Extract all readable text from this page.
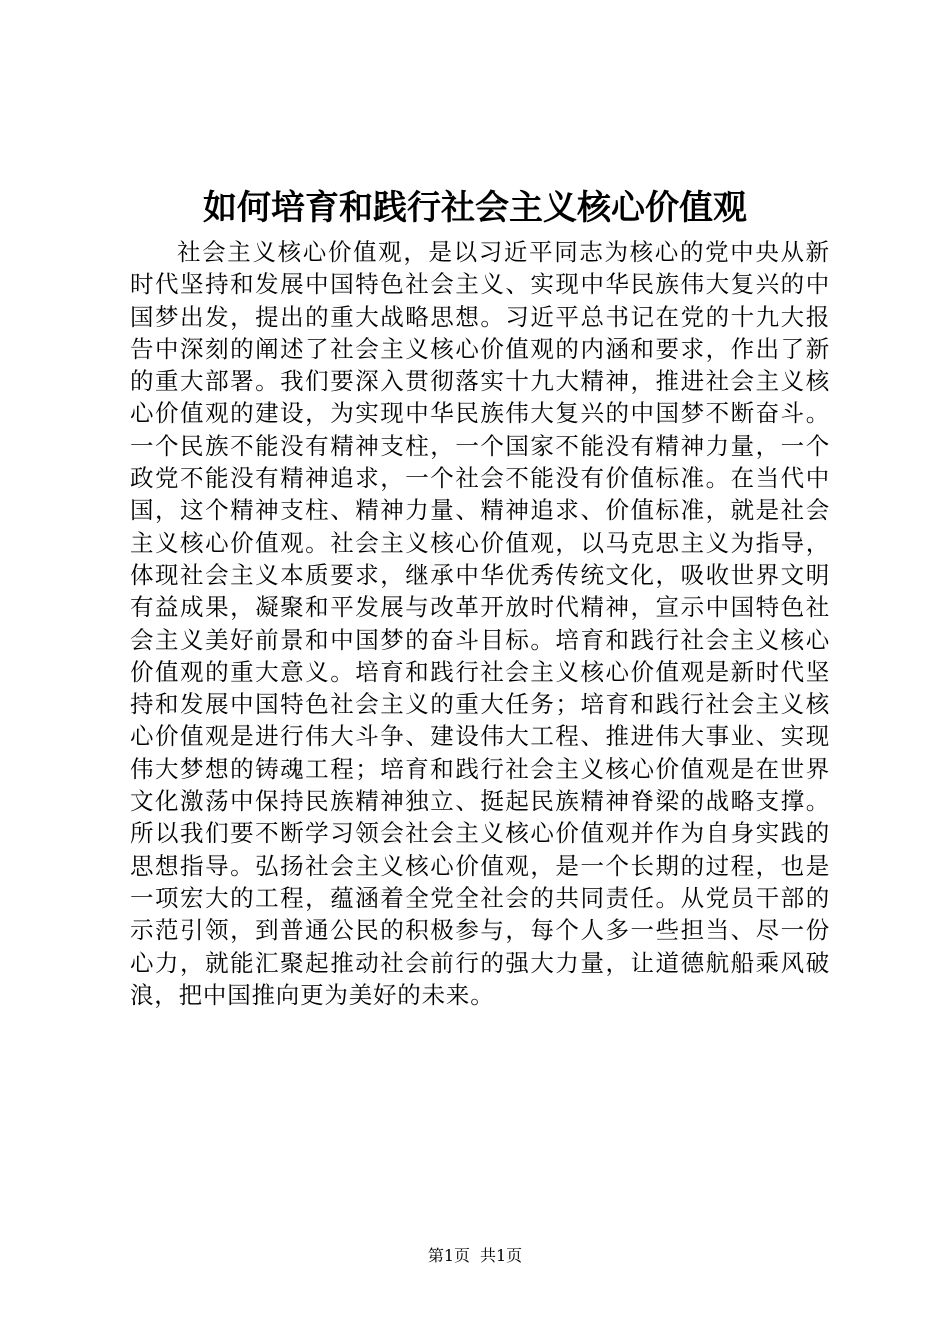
如何培育和践行社会主义核心价值观

社会主义核心价值观，是以习近平同志为核心的党中央从新时代坚持和发展中国特色社会主义、实现中华民族伟大复兴的中国梦出发，提出的重大战略思想。习近平总书记在党的十九大报告中深刻的阐述了社会主义核心价值观的内涵和要求，作出了新的重大部署。我们要深入贯彻落实十九大精神，推进社会主义核心价值观的建设，为实现中华民族伟大复兴的中国梦不断奋斗。一个民族不能没有精神支柱，一个国家不能没有精神力量，一个政党不能没有精神追求，一个社会不能没有价值标准。在当代中国，这个精神支柱、精神力量、精神追求、价值标准，就是社会主义核心价值观。社会主义核心价值观，以马克思主义为指导，体现社会主义本质要求，继承中华优秀传统文化，吸收世界文明有益成果，凝聚和平发展与改革开放时代精神，宣示中国特色社会主义美好前景和中国梦的奋斗目标。培育和践行社会主义核心价值观的重大意义。培育和践行社会主义核心价值观是新时代坚持和发展中国特色社会主义的重大任务；培育和践行社会主义核心价值观是进行伟大斗争、建设伟大工程、推进伟大事业、实现伟大梦想的铸魂工程；培育和践行社会主义核心价值观是在世界文化激荡中保持民族精神独立、挺起民族精神脊梁的战略支撑。所以我们要不断学习领会社会主义核心价值观并作为自身实践的思想指导。弘扬社会主义核心价值观，是一个长期的过程，也是一项宏大的工程，蕴涵着全党全社会的共同责任。从党员干部的示范引领，到普通公民的积极参与，每个人多一些担当、尽一份心力，就能汇聚起推动社会前行的强大力量，让道德航船乘风破浪，把中国推向更为美好的未来。

第1页 共1页
